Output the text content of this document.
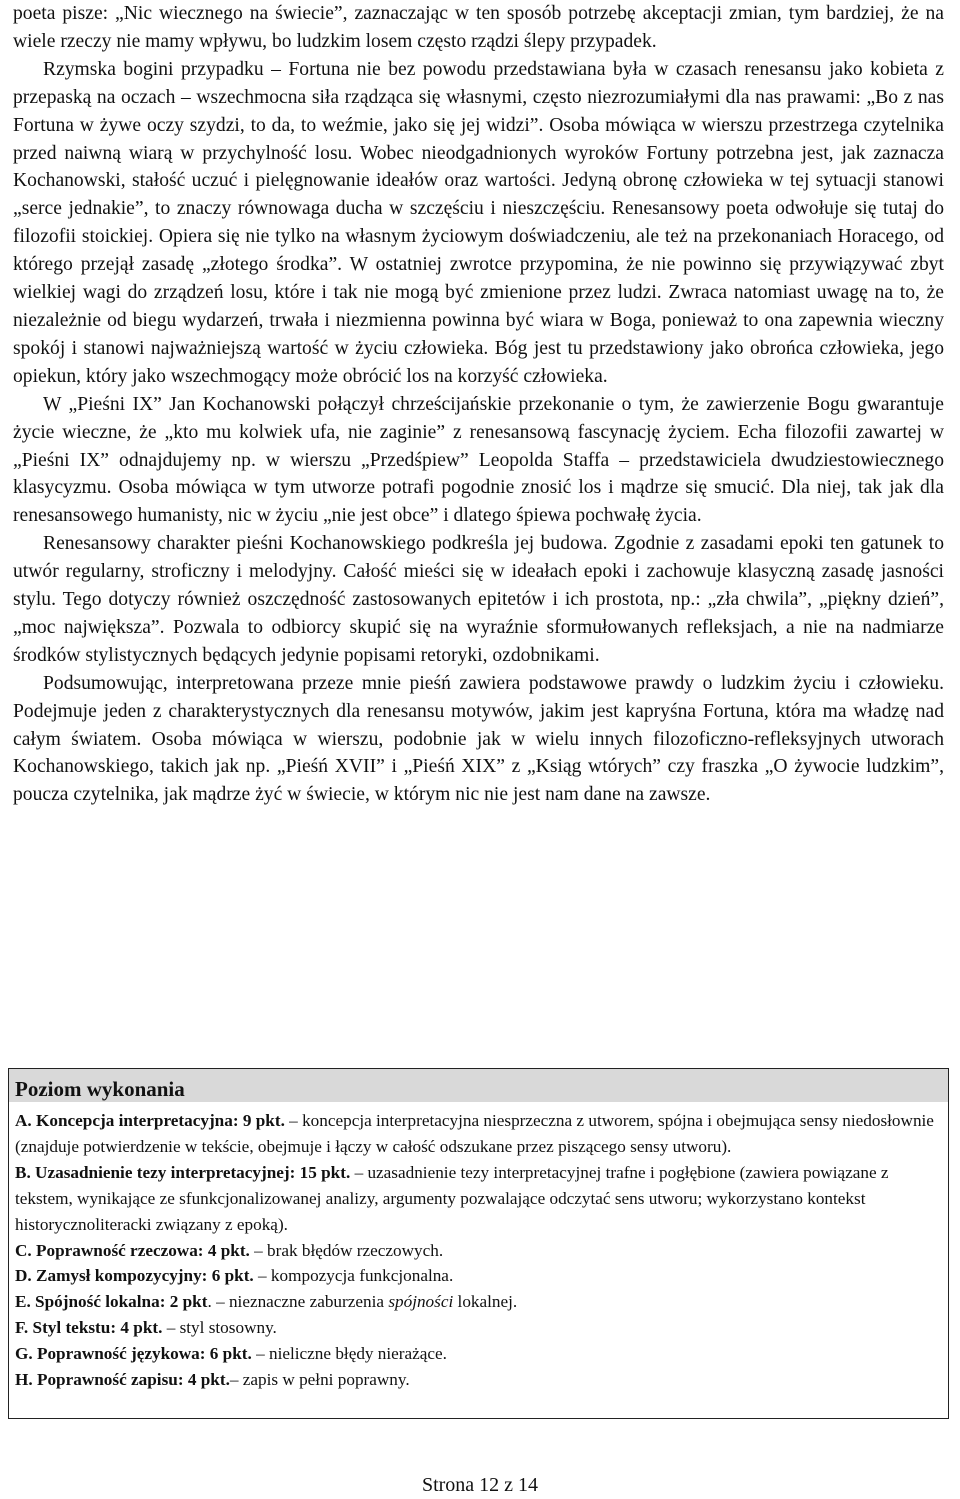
poeta pisze: „Nic wiecznego na świecie”, zaznaczając w ten sposób potrzebę akceptacji zmian, tym bardziej, że na wiele rzeczy nie mamy wpływu, bo ludzkim losem często rządzi ślepy przypadek.

Rzymska bogini przypadku – Fortuna nie bez powodu przedstawiana była w czasach renesansu jako kobieta z przepaską na oczach – wszechmocna siła rządząca się własnymi, często niezrozumiałymi dla nas prawami: „Bo z nas Fortuna w żywe oczy szydzi, to da, to weźmie, jako się jej widzi”. Osoba mówiąca w wierszu przestrzega czytelnika przed naiwną wiarą w przychylność losu. Wobec nieodgadnionych wyroków Fortuny potrzebna jest, jak zaznacza Kochanowski, stałość uczuć i pielęgnowanie ideałów oraz wartości. Jedyną obronę człowieka w tej sytuacji stanowi „serce jednakie”, to znaczy równowaga ducha w szczęściu i nieszczęściu. Renesansowy poeta odwołuje się tutaj do filozofii stoickiej. Opiera się nie tylko na własnym życiowym doświadczeniu, ale też na przekonaniach Horacego, od którego przejął zasadę „złotego środka”. W ostatniej zwrotce przypomina, że nie powinno się przywiązywać zbyt wielkiej wagi do zrządzeń losu, które i tak nie mogą być zmienione przez ludzi. Zwraca natomiast uwagę na to, że niezależnie od biegu wydarzeń, trwała i niezmienna powinna być wiara w Boga, ponieważ to ona zapewnia wieczny spokój i stanowi najważniejszą wartość w życiu człowieka. Bóg jest tu przedstawiony jako obrońca człowieka, jego opiekun, który jako wszechmogący może obrócić los na korzyść człowieka.

W „Pieśni IX” Jan Kochanowski połączył chrześcijańskie przekonanie o tym, że zawierzenie Bogu gwarantuje życie wieczne, że „kto mu kolwiek ufa, nie zaginie” z renesansową fascynację życiem. Echa filozofii zawartej w „Pieśni IX” odnajdujemy np. w wierszu „Przedśpiew” Leopolda Staffa – przedstawiciela dwudziestowiecznego klasycyzmu. Osoba mówiąca w tym utworze potrafi pogodnie znosić los i mądrze się smucić. Dla niej, tak jak dla renesansowego humanisty, nic w życiu „nie jest obce” i dlatego śpiewa pochwałę życia.

Renesansowy charakter pieśni Kochanowskiego podkreśla jej budowa. Zgodnie z zasadami epoki ten gatunek to utwór regularny, stroficzny i melodyjny. Całość mieści się w ideałach epoki i zachowuje klasyczną zasadę jasności stylu. Tego dotyczy również oszczędność zastosowanych epitetów i ich prostota, np.: „zła chwila”, „piękny dzień”, „moc największa”. Pozwala to odbiorcy skupić się na wyraźnie sformułowanych refleksjach, a nie na nadmiarze środków stylistycznych będących jedynie popisami retoryki, ozdobnikami.

Podsumowując, interpretowana przeze mnie pieśń zawiera podstawowe prawdy o ludzkim życiu i człowieku. Podejmuje jeden z charakterystycznych dla renesansu motywów, jakim jest kapryśna Fortuna, która ma władzę nad całym światem. Osoba mówiąca w wierszu, podobnie jak w wielu innych filozoficzno-refleksyjnych utworach Kochanowskiego, takich jak np. „Pieśń XVII” i „Pieśń XIX” z „Ksiąg wtórych” czy fraszka „O żywocie ludzkim”, poucza czytelnika, jak mądrze żyć w świecie, w którym nic nie jest nam dane na zawsze.

Poziom wykonania

A. Koncepcja interpretacyjna: 9 pkt. – koncepcja interpretacyjna niesprzeczna z utworem, spójna i obejmująca sensy niedosłownie (znajduje potwierdzenie w tekście, obejmuje i łączy w całość odszukane przez piszącego sensy utworu).

B. Uzasadnienie tezy interpretacyjnej: 15 pkt. – uzasadnienie tezy interpretacyjnej trafne i pogłębione (zawiera powiązane z tekstem, wynikające ze sfunkcjonalizowanej analizy, argumenty pozwalające odczytać sens utworu; wykorzystano kontekst historycznoliteracki związany z epoką).

C. Poprawność rzeczowa: 4 pkt. – brak błędów rzeczowych.

D. Zamysł kompozycyjny: 6 pkt. – kompozycja funkcjonalna.

E. Spójność lokalna: 2 pkt. – nieznaczne zaburzenia spójności lokalnej.

F. Styl tekstu: 4 pkt. – styl stosowny.

G. Poprawność językowa: 6 pkt. – nieliczne błędy nierażące.

H. Poprawność zapisu: 4 pkt.– zapis w pełni poprawny.

Strona 12 z 14
